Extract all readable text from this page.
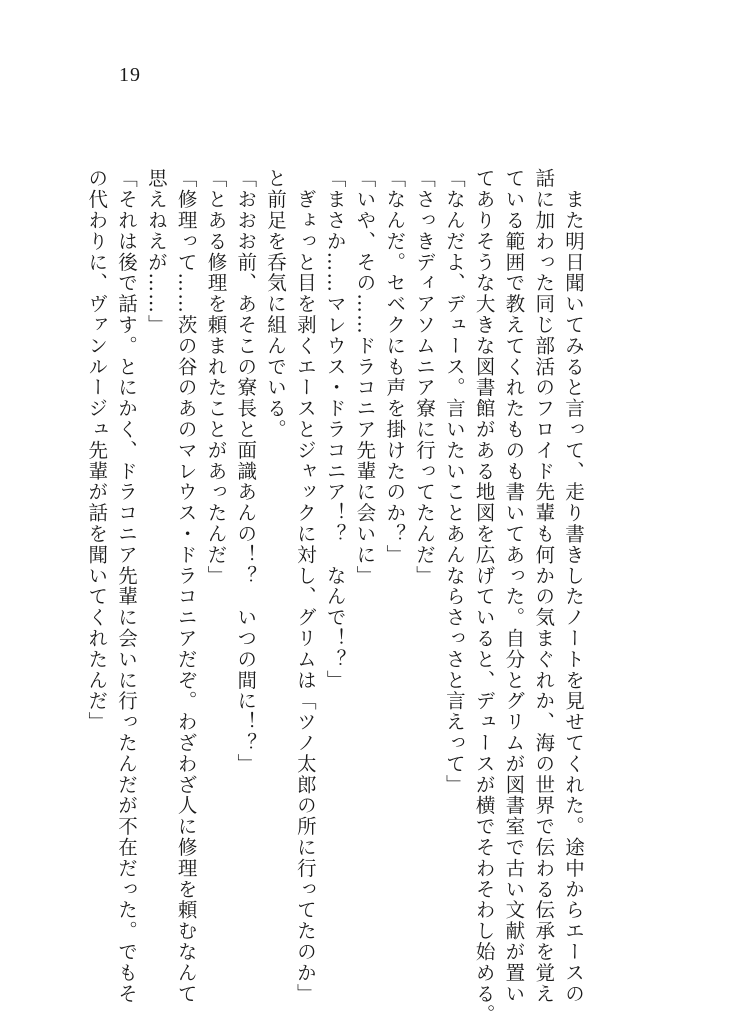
19

　また明日聞いてみると言って、走り書きしたノートを見せてくれた。途中からエースの

話に加わった同じ部活のフロイド先輩も何かの気まぐれか、海の世界で伝わる伝承を覚え

ている範囲で教えてくれたものも書いてあった。自分とグリムが図書室で古い文献が置い

てありそうな大きな図書館がある地図を広げていると、デュースが横でそわそわし始める。

「なんだよ、デュース。言いたいことあんならさっさと言えって」

「さっきディアソムニア寮に行ってたんだ」

「なんだ。セベクにも声を掛けたのか？」

「いや、その……ドラコニア先輩に会いに」

「まさか……マレウス・ドラコニア！？　なんで！？」

　ぎょっと目を剥くエースとジャックに対し、グリムは「ツノ太郎の所に行ってたのか」

と前足を呑気に組んでいる。

「おおお前、あそこの寮長と面識あんの！？　いつの間に！？」

「とある修理を頼まれたことがあったんだ」

「修理って……茨の谷のあのマレウス・ドラコニアだぞ。わざわざ人に修理を頼むなんて

思えねえが……」

「それは後で話す。とにかく、ドラコニア先輩に会いに行ったんだが不在だった。でもそ

の代わりに、ヴァンルージュ先輩が話を聞いてくれたんだ」
